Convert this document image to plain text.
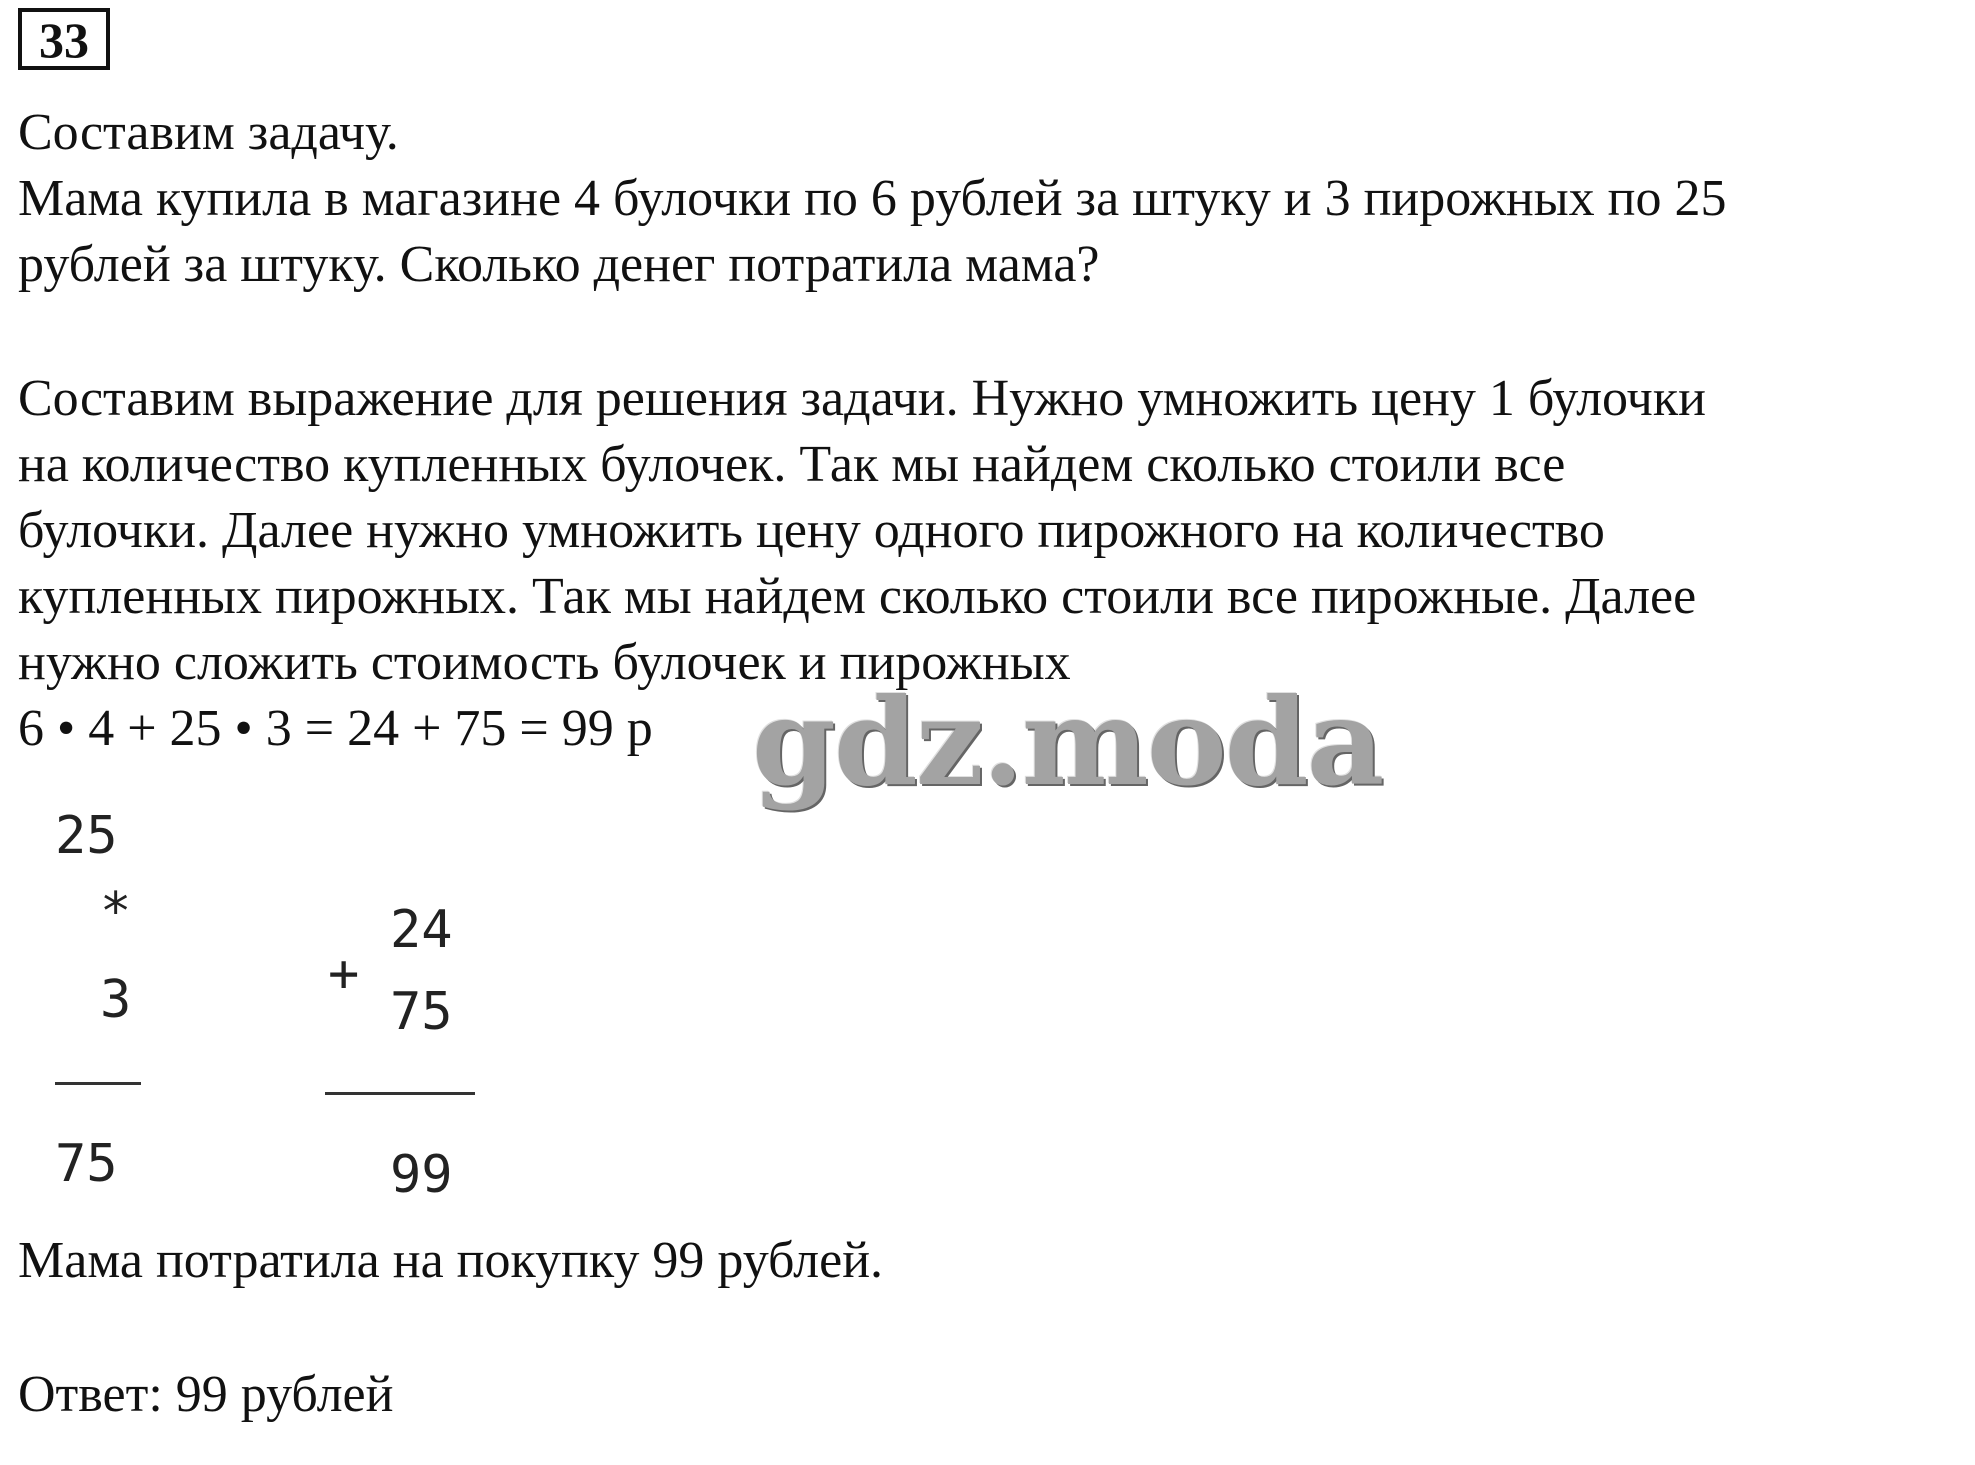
33
Составим задачу.
Мама купила в магазине 4 булочки по 6 рублей за штуку и 3 пирожных по 25
рублей за штуку. Сколько денег потратила мама?
Составим выражение для решения задачи. Нужно умножить цену 1 булочки
на количество купленных булочек. Так мы найдем сколько стоили все
булочки. Далее нужно умножить цену одного пирожного на количество
купленных пирожных. Так мы найдем сколько стоили все пирожные. Далее
нужно сложить стоимость булочек и пирожных
6 • 4 + 25 • 3 = 24 + 75 = 99 р
25
*
3
75
+
24
75
99
Мама потратила на покупку 99 рублей.
Ответ: 99 рублей
gdz.moda
